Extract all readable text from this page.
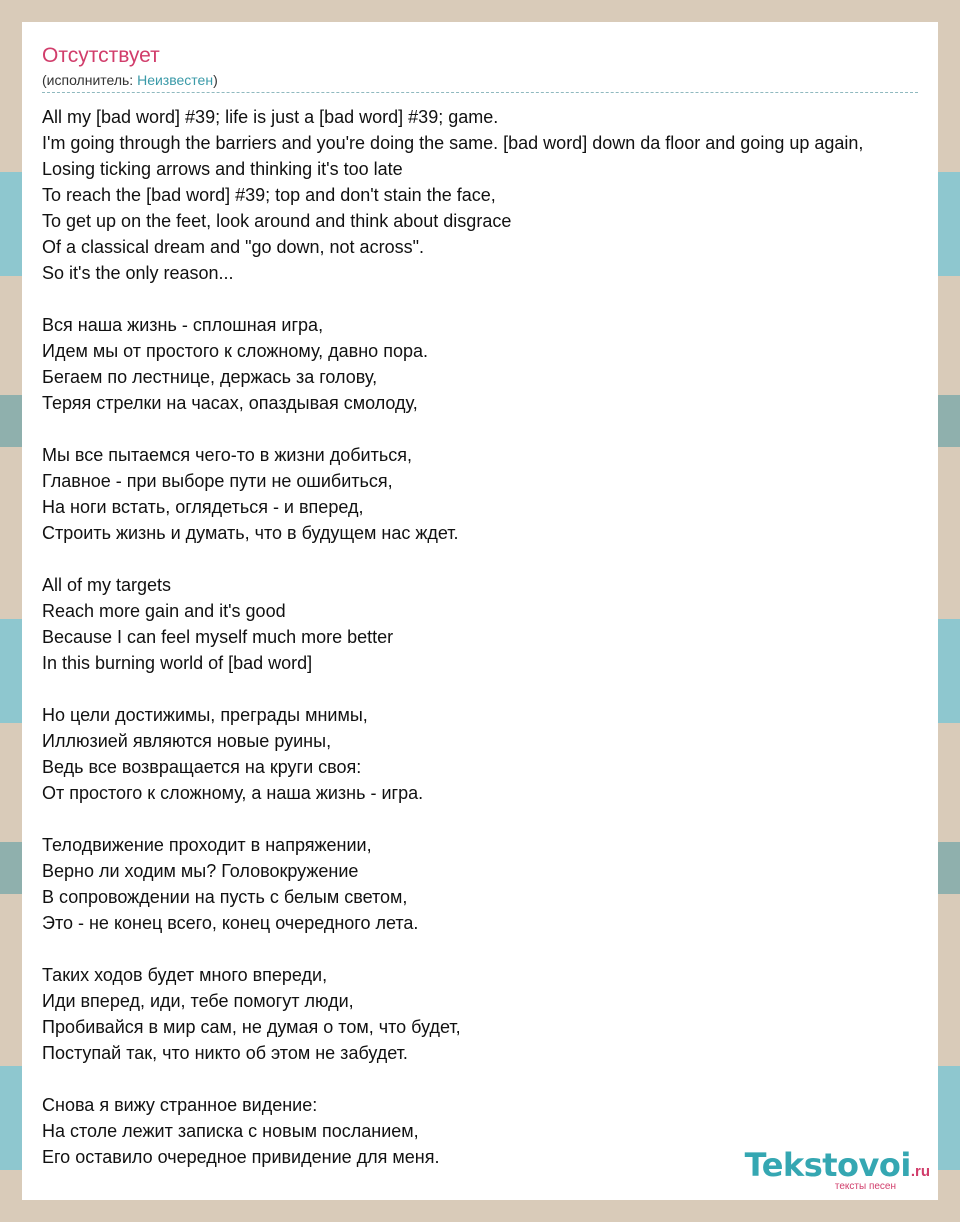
Отсутствует
(исполнитель: Неизвестен)
All my [bad word] #39; life is just a [bad word] #39; game.
I'm going through the barriers and you're doing the same. [bad word] down da floor and going up again,
Losing ticking arrows and thinking it's too late
To reach the [bad word] #39; top and don't stain the face,
To get up on the feet, look around and think about disgrace
Of a classical dream and "go down, not across".
So it's the only reason...
Вся наша жизнь - сплошная игра,
Идем мы от простого к сложному, давно пора.
Бегаем по лестнице, держась за голову,
Теряя стрелки на часах, опаздывая смолоду,
Мы все пытаемся чего-то в жизни добиться,
Главное - при выборе пути не ошибиться,
На ноги встать, оглядеться - и вперед,
Строить жизнь и думать, что в будущем нас ждет.
All of my targets
Reach more gain and it's good
Because I can feel myself much more better
In this burning world of [bad word]
Но цели достижимы, преграды мнимы,
Иллюзией являются новые руины,
Ведь все возвращается на круги своя:
От простого к сложному, а наша жизнь - игра.
Телодвижение проходит в напряжении,
Верно ли ходим мы? Головокружение
В сопровождении на пусть с белым светом,
Это - не конец всего, конец очередного лета.
Таких ходов будет много впереди,
Иди вперед, иди, тебе помогут люди,
Пробивайся в мир сам, не думая о том, что будет,
Поступай так, что никто об этом не забудет.
Снова я вижу странное видение:
На столе лежит записка с новым посланием,
Его оставило очередное привидение для меня.	Tekstovoi.ru
тексты песен
